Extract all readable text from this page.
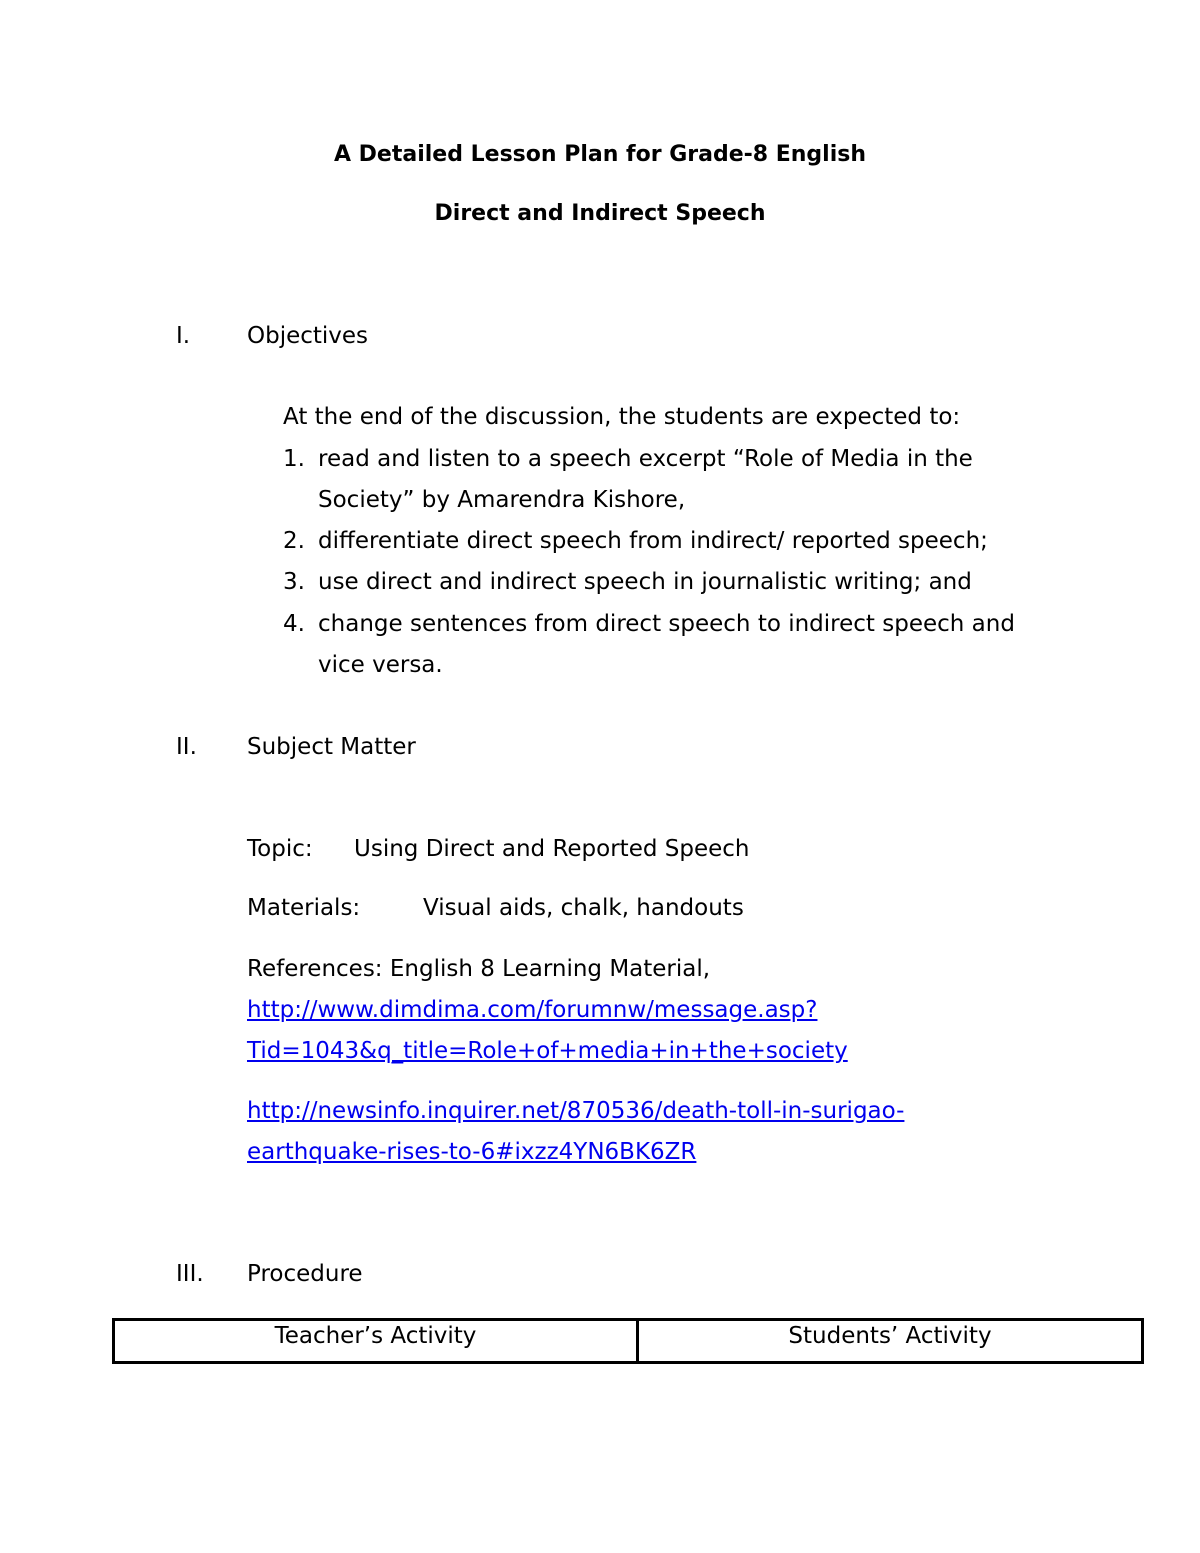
A Detailed Lesson Plan for Grade-8 English
Direct and Indirect Speech
I. Objectives
At the end of the discussion, the students are expected to:
1. read and listen to a speech excerpt “Role of Media in the
Society” by Amarendra Kishore,
2. differentiate direct speech from indirect/ reported speech;
3. use direct and indirect speech in journalistic writing; and
4. change sentences from direct speech to indirect speech and
vice versa.
II. Subject Matter
Topic: Using Direct and Reported Speech
Materials:	Visual aids, chalk, handouts
References: English 8 Learning Material,
http://www.dimdima.com/forumnw/message.asp?
Tid=1043&q_title=Role+of+media+in+the+society
http://newsinfo.inquirer.net/870536/death-toll-in-surigao-
earthquake-rises-to-6#ixzz4YN6BK6ZR
III. Procedure
Teacher’s Activity	Students’ Activity
